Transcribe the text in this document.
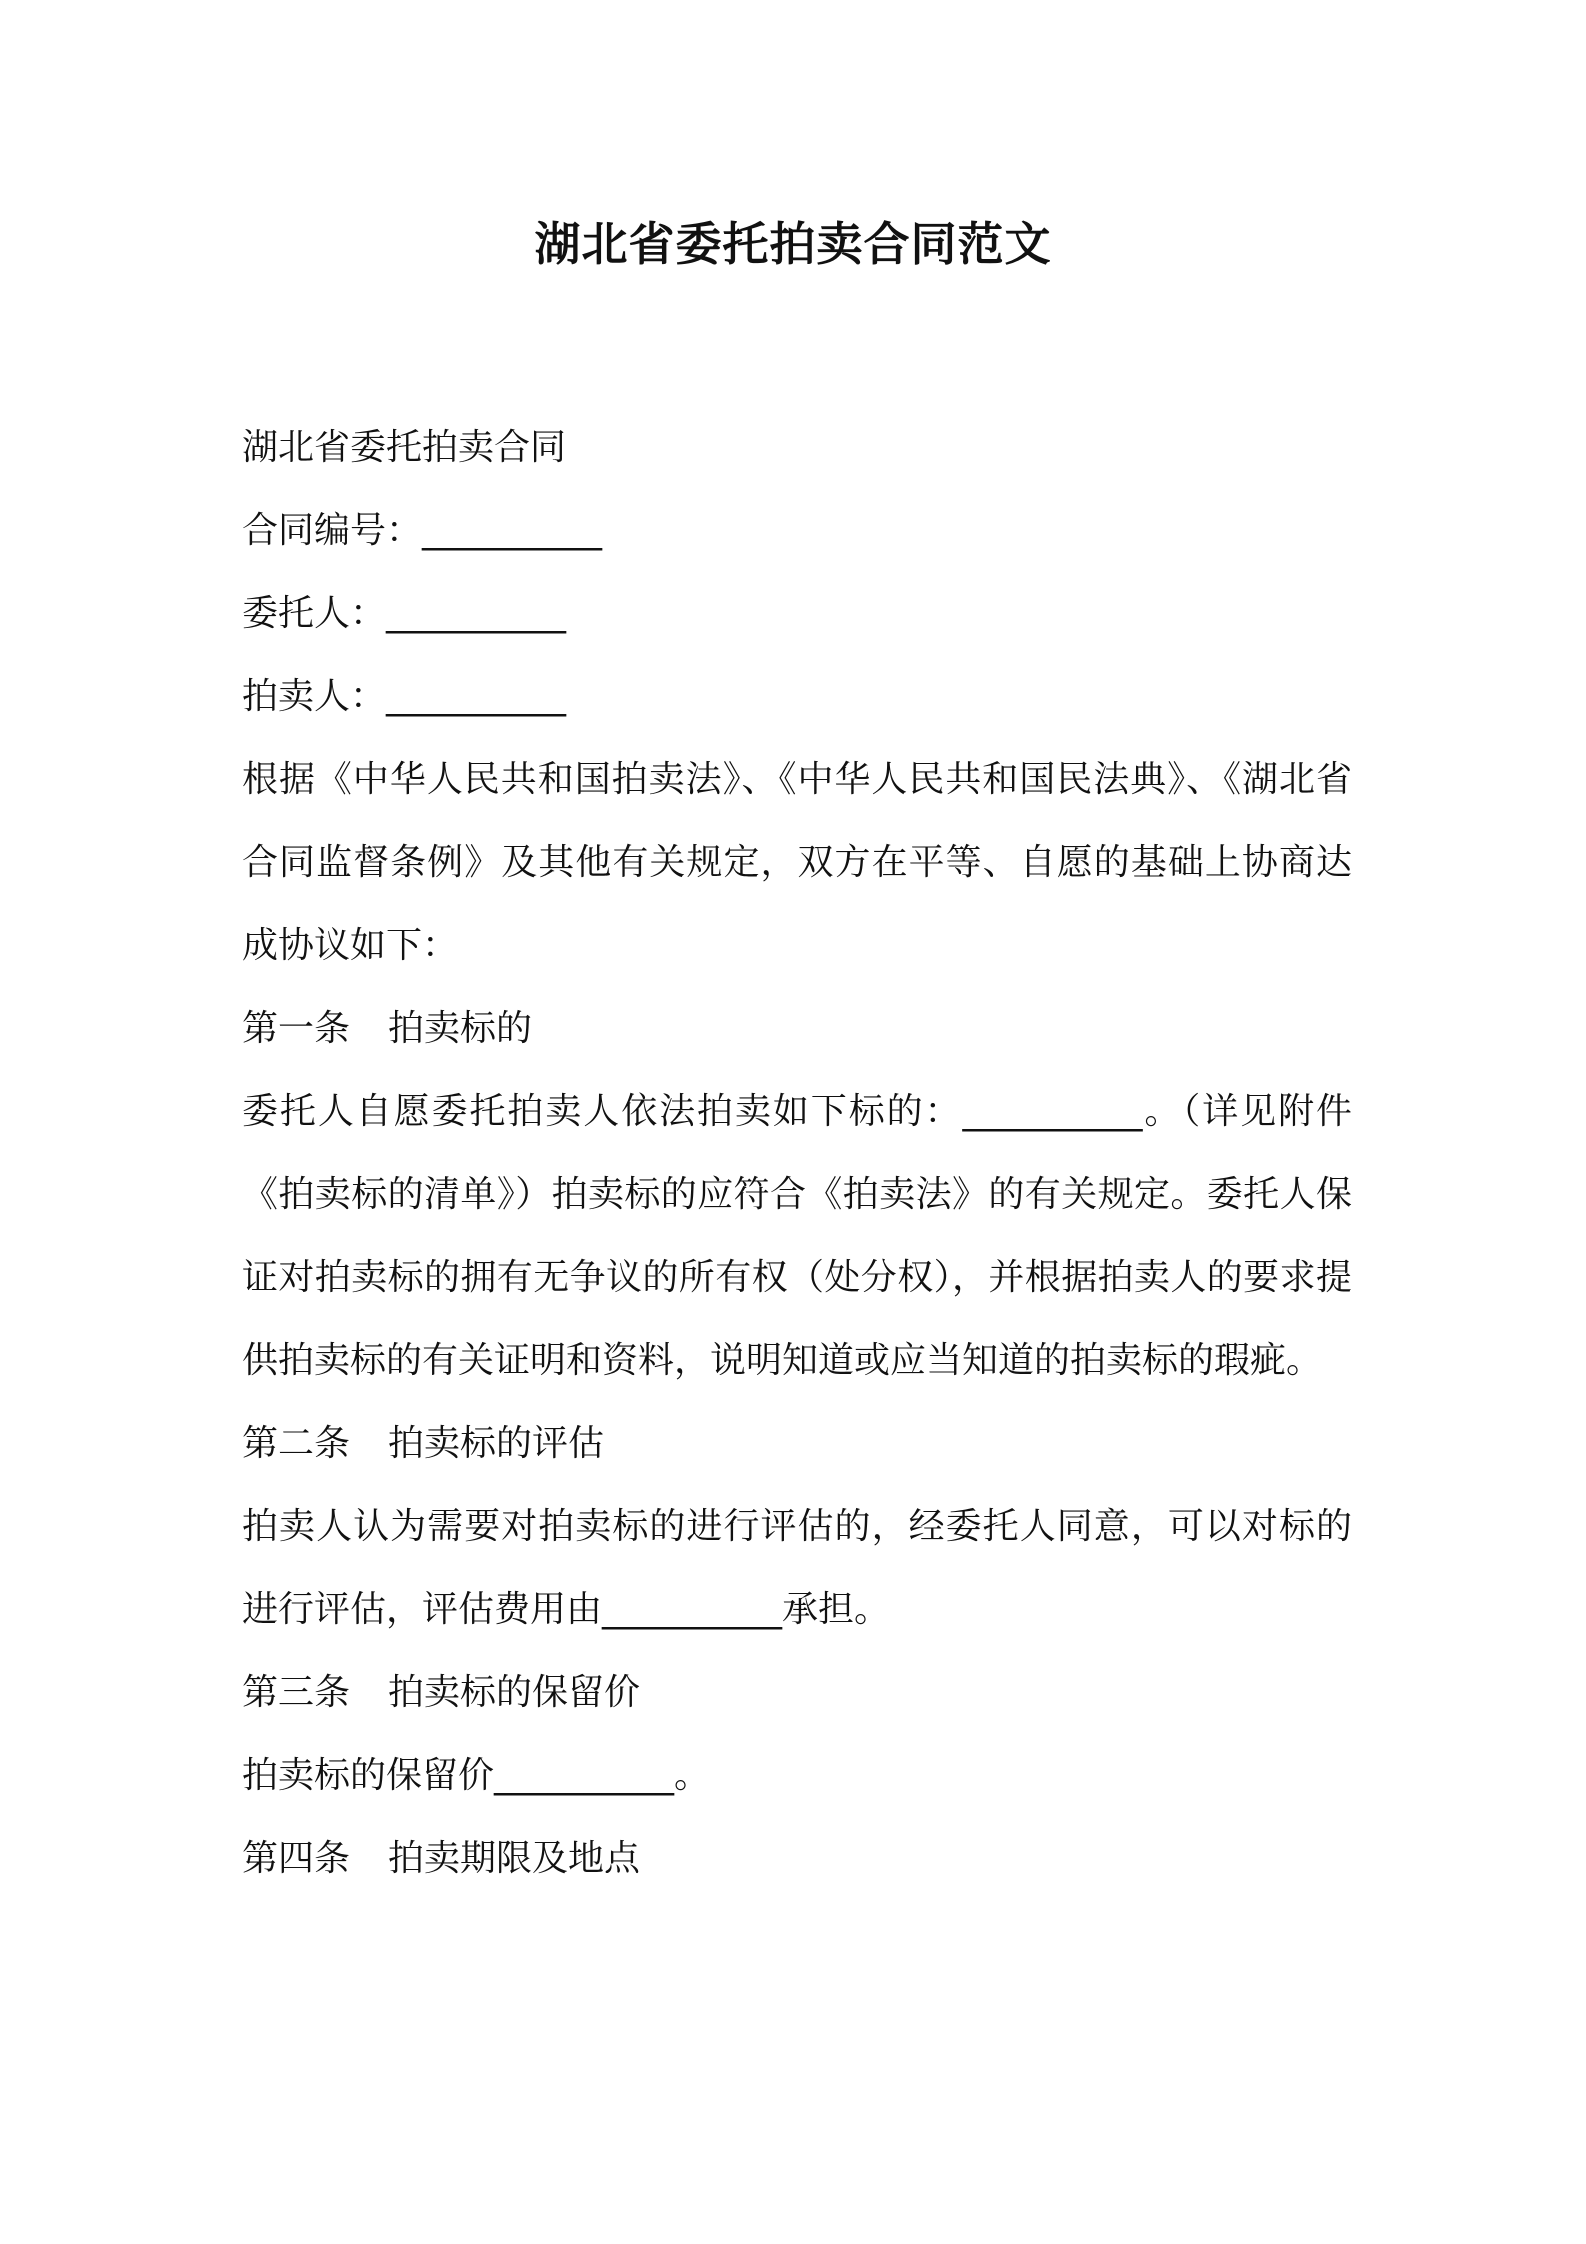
湖北省委托拍卖合同范文
湖北省委托拍卖合同
合同编号：__________
委托人：__________
拍卖人：__________
根据《中华人民共和国拍卖法》、《中华人民共和国民法典》、《湖北省合同监督条例》及其他有关规定，双方在平等、自愿的基础上协商达成协议如下：
第一条 拍卖标的
委托人自愿委托拍卖人依法拍卖如下标的：__________。（详见附件《拍卖标的清单》）拍卖标的应符合《拍卖法》的有关规定。委托人保证对拍卖标的拥有无争议的所有权（处分权），并根据拍卖人的要求提供拍卖标的有关证明和资料，说明知道或应当知道的拍卖标的瑕疵。
第二条 拍卖标的评估
拍卖人认为需要对拍卖标的进行评估的，经委托人同意，可以对标的进行评估，评估费用由__________承担。
第三条 拍卖标的保留价
拍卖标的保留价__________。
第四条 拍卖期限及地点
